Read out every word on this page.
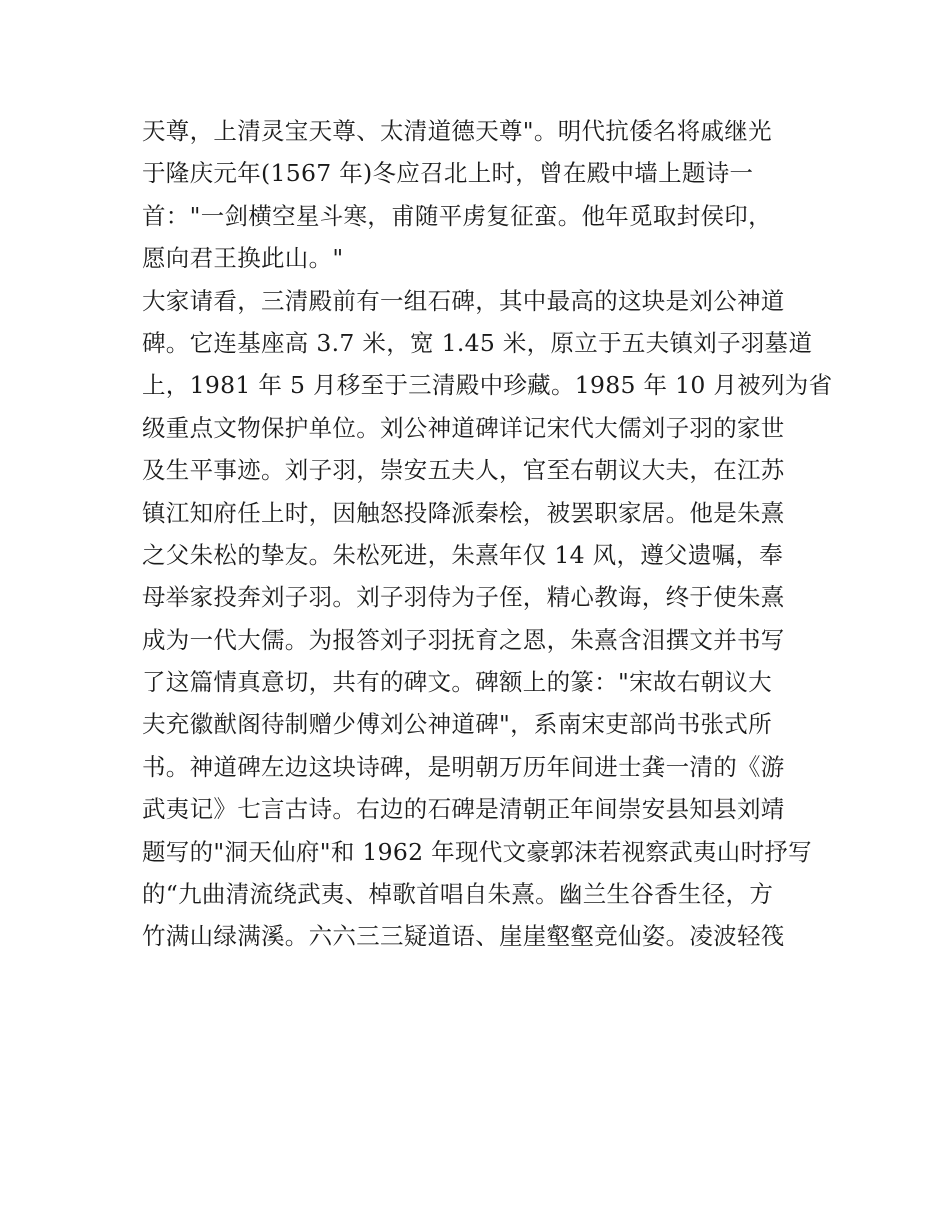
天尊，上清灵宝天尊、太清道德天尊"。明代抗倭名将戚继光
于隆庆元年(1567 年)冬应召北上时，曾在殿中墙上题诗一
首："一剑横空星斗寒，甫随平虏复征蛮。他年觅取封侯印，
愿向君王换此山。"
大家请看，三清殿前有一组石碑，其中最高的这块是刘公神道
碑。它连基座高 3.7 米，宽 1.45 米，原立于五夫镇刘子羽墓道
上，1981 年 5 月移至于三清殿中珍藏。1985 年 10 月被列为省
级重点文物保护单位。刘公神道碑详记宋代大儒刘子羽的家世
及生平事迹。刘子羽，崇安五夫人，官至右朝议大夫，在江苏
镇江知府任上时，因触怒投降派秦桧，被罢职家居。他是朱熹
之父朱松的挚友。朱松死进，朱熹年仅 14 风，遵父遗嘱，奉
母举家投奔刘子羽。刘子羽侍为子侄，精心教诲，终于使朱熹
成为一代大儒。为报答刘子羽抚育之恩，朱熹含泪撰文并书写
了这篇情真意切，共有的碑文。碑额上的篆："宋故右朝议大
夫充徽猷阁待制赠少傅刘公神道碑"，系南宋吏部尚书张式所
书。神道碑左边这块诗碑，是明朝万历年间进士龚一清的《游
武夷记》七言古诗。右边的石碑是清朝正年间崇安县知县刘靖
题写的"洞天仙府"和 1962 年现代文豪郭沫若视察武夷山时抒写
的“九曲清流绕武夷、棹歌首唱自朱熹。幽兰生谷香生径，方
竹满山绿满溪。六六三三疑道语、崖崖壑壑竞仙姿。凌波轻筏
